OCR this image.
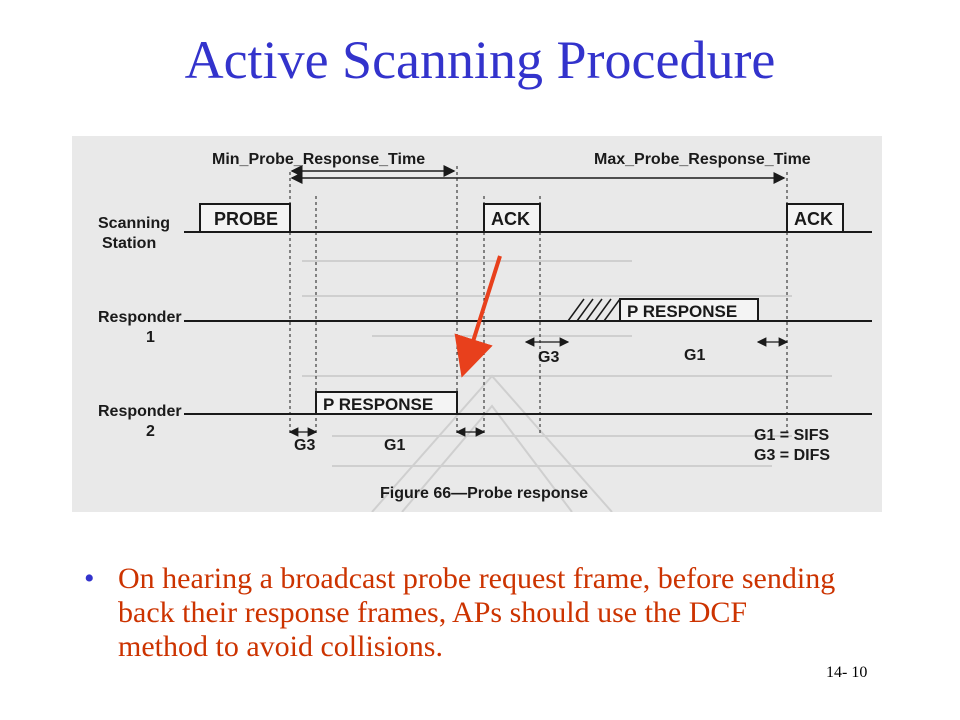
Active Scanning Procedure
Min_Probe_Response_Time	Max_Probe_Response_Time
Scanning
Station
Responder
1
Responder
2
PROBE	ACK	ACK
P RESPONSE
G3	G1
P RESPONSE
G3	G1
G1 = SIFS
G3 = DIFS
Figure 66—Probe response
• On hearing a broadcast probe request frame, before sending back their response frames, APs should use the DCF method to avoid collisions.
14- 10
